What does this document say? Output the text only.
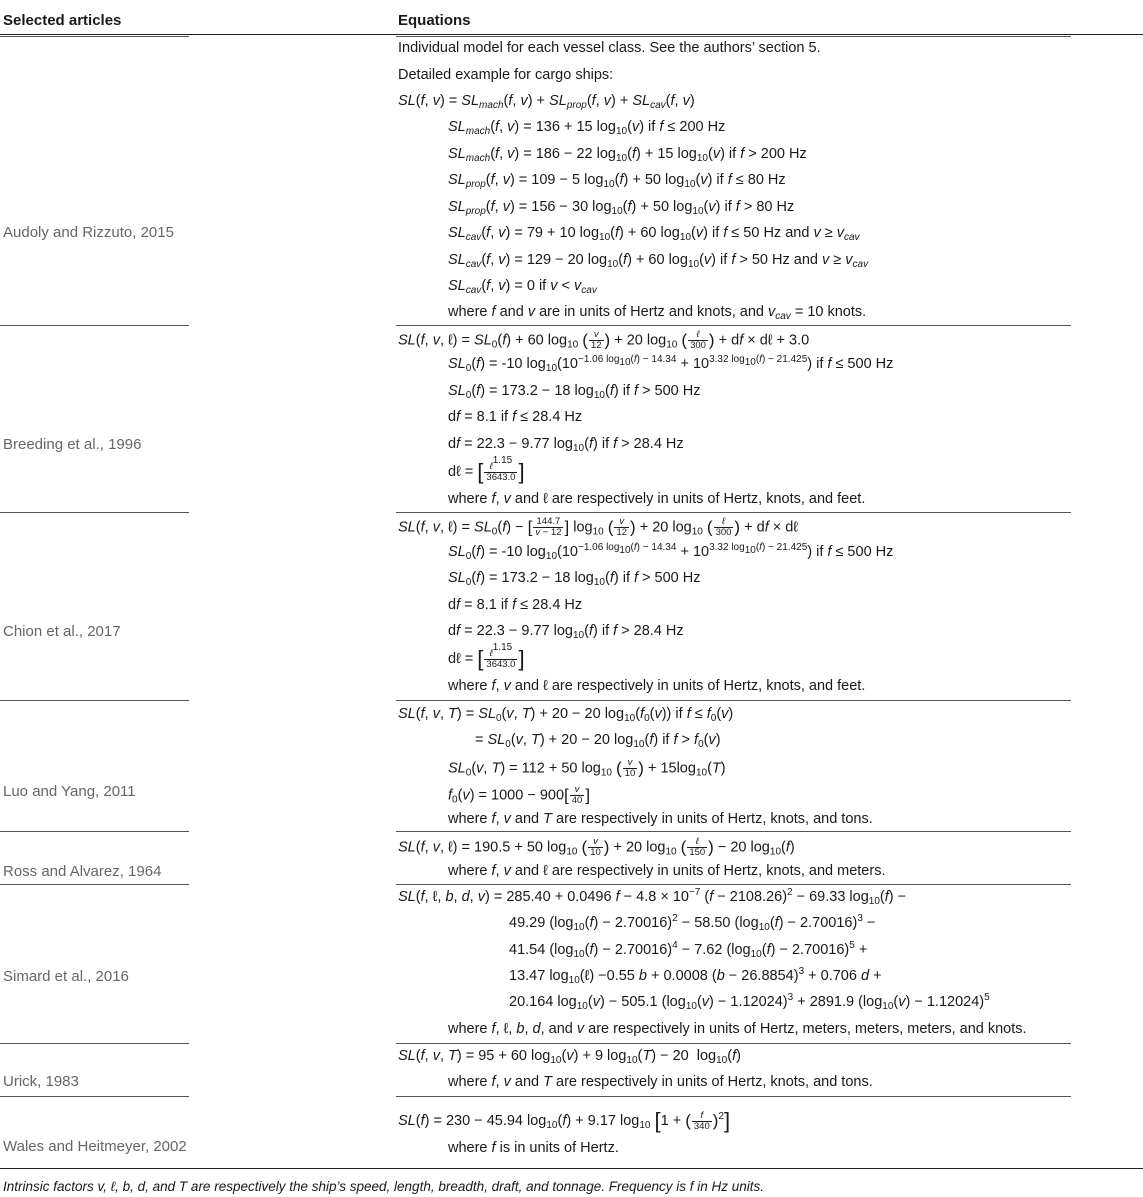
Selected articles	Equations
Audoly and Rizzuto, 2015
Individual model for each vessel class. See the authors’ section 5.
Detailed example for cargo ships:
SL(f, $v) = SL_{mach}(f$, $v) + SL_{prop}(f$, $v) + SL_{cav}(f$, v)
$SL_{mach}(f$, v) = 136 + 15 $\log_{10}(v)$ if f ≤ 200 Hz
$SL_{mach}(f$, v) = 186 − 22 $\log_{10}(f) + 15$ $\log_{10}(v)$ if f > 200 Hz
$SL_{prop}(f$, v) = 109 − 5 $\log_{10}(f) + 50$ $\log_{10}(v)$ if f ≤ 80 Hz
$SL_{prop}(f$, v) = 156 − 30 $\log_{10}(f) + 50$ $\log_{10}(v)$ if f > 80 Hz
$SL_{cav}(f$, v) = 79 + 10 $\log_{10}(f) + 60$ $\log_{10}(v)$ if f ≤ 50 Hz and $v \ge v_{cav}$
$SL_{cav}(f$, v) = 129 − 20 $\log_{10}(f) + 60$ $\log_{10}(v)$ if f > 50 Hz and $v \ge v_{cav}$
$SL_{cav}(f$, v) = 0 if $v < v_{cav}$
where f and v are in units of Hertz and knots, and $v_{cav} = 10$ knots.
Breeding et al., 1996
SL(f, v, ℓ) = $SL_0(f) + 60$ $\log_{10}$ ( $\frac{v}{12}$ ) + 20 $\log_{10}$ ( $\frac{\text{ℓ}}{300}$ ) + df × dℓ + 3.0
$SL_0(f) = -10$ $\log_{10}(10^{-1.06 log_{10}(f) - 14.34} + 10^{3.32 log_{10}(f) - 21.425})$ if f ≤ 500 Hz
$SL_0(f) = 173.2 - 18$ $\log_{10}(f)$ if f > 500 Hz
df = 8.1 if f ≤ 28.4 Hz
df = 22.3 − 9.77 $\log_{10}(f)$ if f > 28.4 Hz
dℓ = [ $\frac{\ell^{1.15}}{3643.0}$ ]
where f, v and ℓ are respectively in units of Hertz, knots, and feet.
Chion et al., 2017
SL(f, v, ℓ) = $SL_0(f)$ − [ $\frac{144.7}{v - 12}$ ] $\log_{10}$ ( $\frac{v}{12}$ ) + 20 $\log_{10}$ ( $\frac{\text{ℓ}}{300}$ ) + df × dℓ
$SL_0(f) = -10$ $\log_{10}(10^{-1.06 log_{10}(f) - 14.34} + 10^{3.32 log_{10}(f) - 21.425})$ if f ≤ 500 Hz
$SL_0(f) = 173.2 - 18$ $\log_{10}(f)$ if f > 500 Hz
df = 8.1 if f ≤ 28.4 Hz
df = 22.3 − 9.77 $\log_{10}(f)$ if f > 28.4 Hz
dℓ = [ $\frac{\ell^{1.15}}{3643.0}$ ]
where f, v and ℓ are respectively in units of Hertz, knots, and feet.
Luo and Yang, 2011
SL(f, v, $T) = SL_0(v$, T) + 20 − 20 $\log_{10}(f_0(v))$ if $f \le f_0(v)$
= $SL_0(v$, T) + 20 − 20 $\log_{10}(f)$ if $f > f_0(v)$
$SL_0(v$, T) = 112 + 50 $\log_{10}$ ( $\frac{v}{10}$ ) + $15\log_{10}(T)$
$f_0(v) = 1000 - 900[ \frac{v}{40}$ ]
where f, v and T are respectively in units of Hertz, knots, and tons.
Ross and Alvarez, 1964
SL(f, v, ℓ) = 190.5 + 50 $\log_{10}$ ( $\frac{v}{10}$ ) + 20 $\log_{10}$ ( $\frac{\text{ℓ}}{150}$ ) − 20 $\log_{10}(f)$
where f, v and ℓ are respectively in units of Hertz, knots, and meters.
Simard et al., 2016
SL(f, ℓ, b, d, v) = 285.40 + 0.0496 $f - 4.8 \times 10^{-7}$ $(f - 2108.26)^2 - 69.33$ $\log_{10}(f)$ −
49.29 $(\log_{10}(f) - 2.70016)^2 - 58.50$ $(\log_{10}(f) - 2.70016)^3$ −
41.54 $(\log_{10}(f) - 2.70016)^4 - 7.62$ $(\log_{10}(f) - 2.70016)^5$ +
13.47 $\log_{10}(\ell) -0.55$ b + 0.0008 $(b - 26.8854)^3 + 0.706$ d +
20.164 $\log_{10}(v) - 505.1$ $(\log_{10}(v) - 1.12024)^3 + 2891.9$ $(\log_{10}(v) - 1.12024)^5$
where f, ℓ, b, d, and v are respectively in units of Hertz, meters, meters, meters, and knots.
Urick, 1983
SL(f, v, T) = 95 + 60 $\log_{10}(v) + 9$ $\log_{10}(T) - 20$  $\log_{10}(f)$
where f, v and T are respectively in units of Hertz, knots, and tons.
Wales and Heitmeyer, 2002
SL(f) = 230 − 45.94 $\log_{10}(f) + 9.17$ $\log_{10} [1$ + ( $\frac{f}{340} )^2$]
where f is in units of Hertz.
Intrinsic factors v, ℓ, b, d, and T are respectively the ship’s speed, length, breadth, draft, and tonnage. Frequency is f in Hz units.
